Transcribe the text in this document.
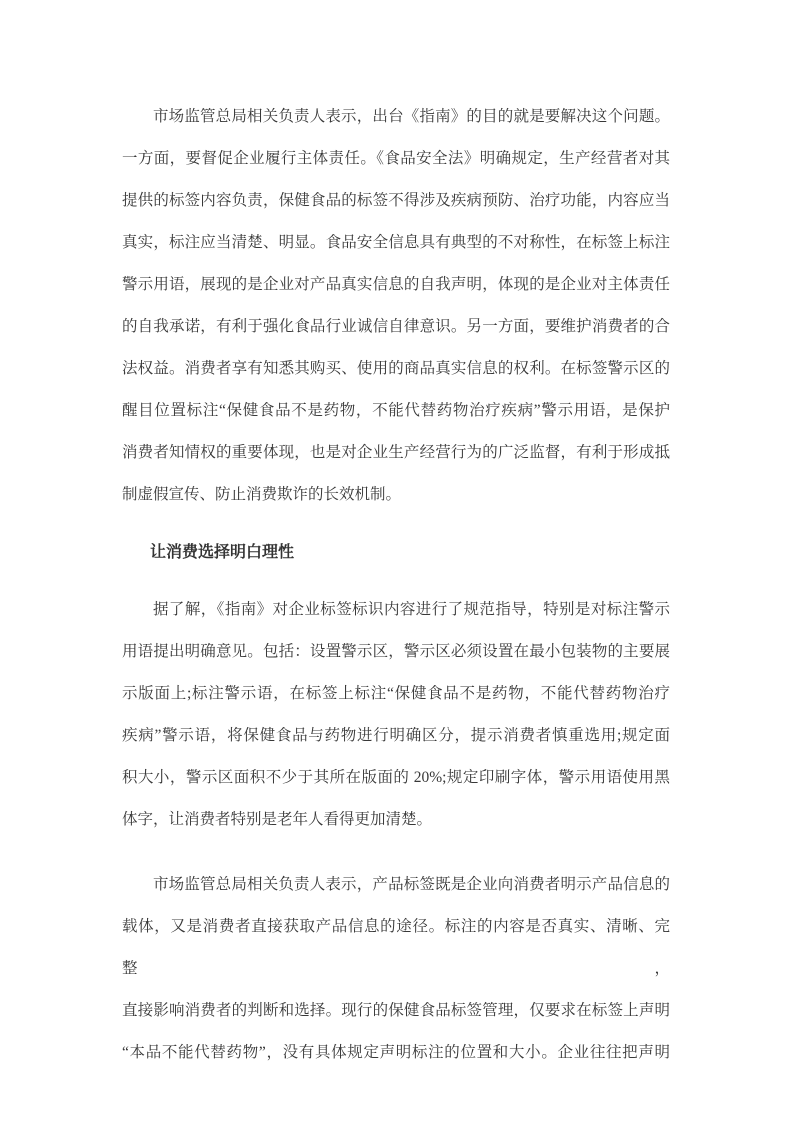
市场监管总局相关负责人表示，出台《指南》的目的就是要解决这个问题。

一方面，要督促企业履行主体责任。《食品安全法》明确规定，生产经营者对其

提供的标签内容负责，保健食品的标签不得涉及疾病预防、治疗功能，内容应当

真实，标注应当清楚、明显。食品安全信息具有典型的不对称性，在标签上标注

警示用语，展现的是企业对产品真实信息的自我声明，体现的是企业对主体责任

的自我承诺，有利于强化食品行业诚信自律意识。另一方面，要维护消费者的合

法权益。消费者享有知悉其购买、使用的商品真实信息的权利。在标签警示区的

醒目位置标注“保健食品不是药物，不能代替药物治疗疾病”警示用语，是保护

消费者知情权的重要体现，也是对企业生产经营行为的广泛监督，有利于形成抵

制虚假宣传、防止消费欺诈的长效机制。

让消费选择明白理性

据了解，《指南》对企业标签标识内容进行了规范指导，特别是对标注警示

用语提出明确意见。包括：设置警示区，警示区必须设置在最小包装物的主要展

示版面上;标注警示语，在标签上标注“保健食品不是药物，不能代替药物治疗

疾病”警示语，将保健食品与药物进行明确区分，提示消费者慎重选用;规定面

积大小，警示区面积不少于其所在版面的 20%;规定印刷字体，警示用语使用黑

体字，让消费者特别是老年人看得更加清楚。

市场监管总局相关负责人表示，产品标签既是企业向消费者明示产品信息的

载体，又是消费者直接获取产品信息的途径。标注的内容是否真实、清晰、完整，

直接影响消费者的判断和选择。现行的保健食品标签管理，仅要求在标签上声明

“本品不能代替药物”，没有具体规定声明标注的位置和大小。企业往往把声明
